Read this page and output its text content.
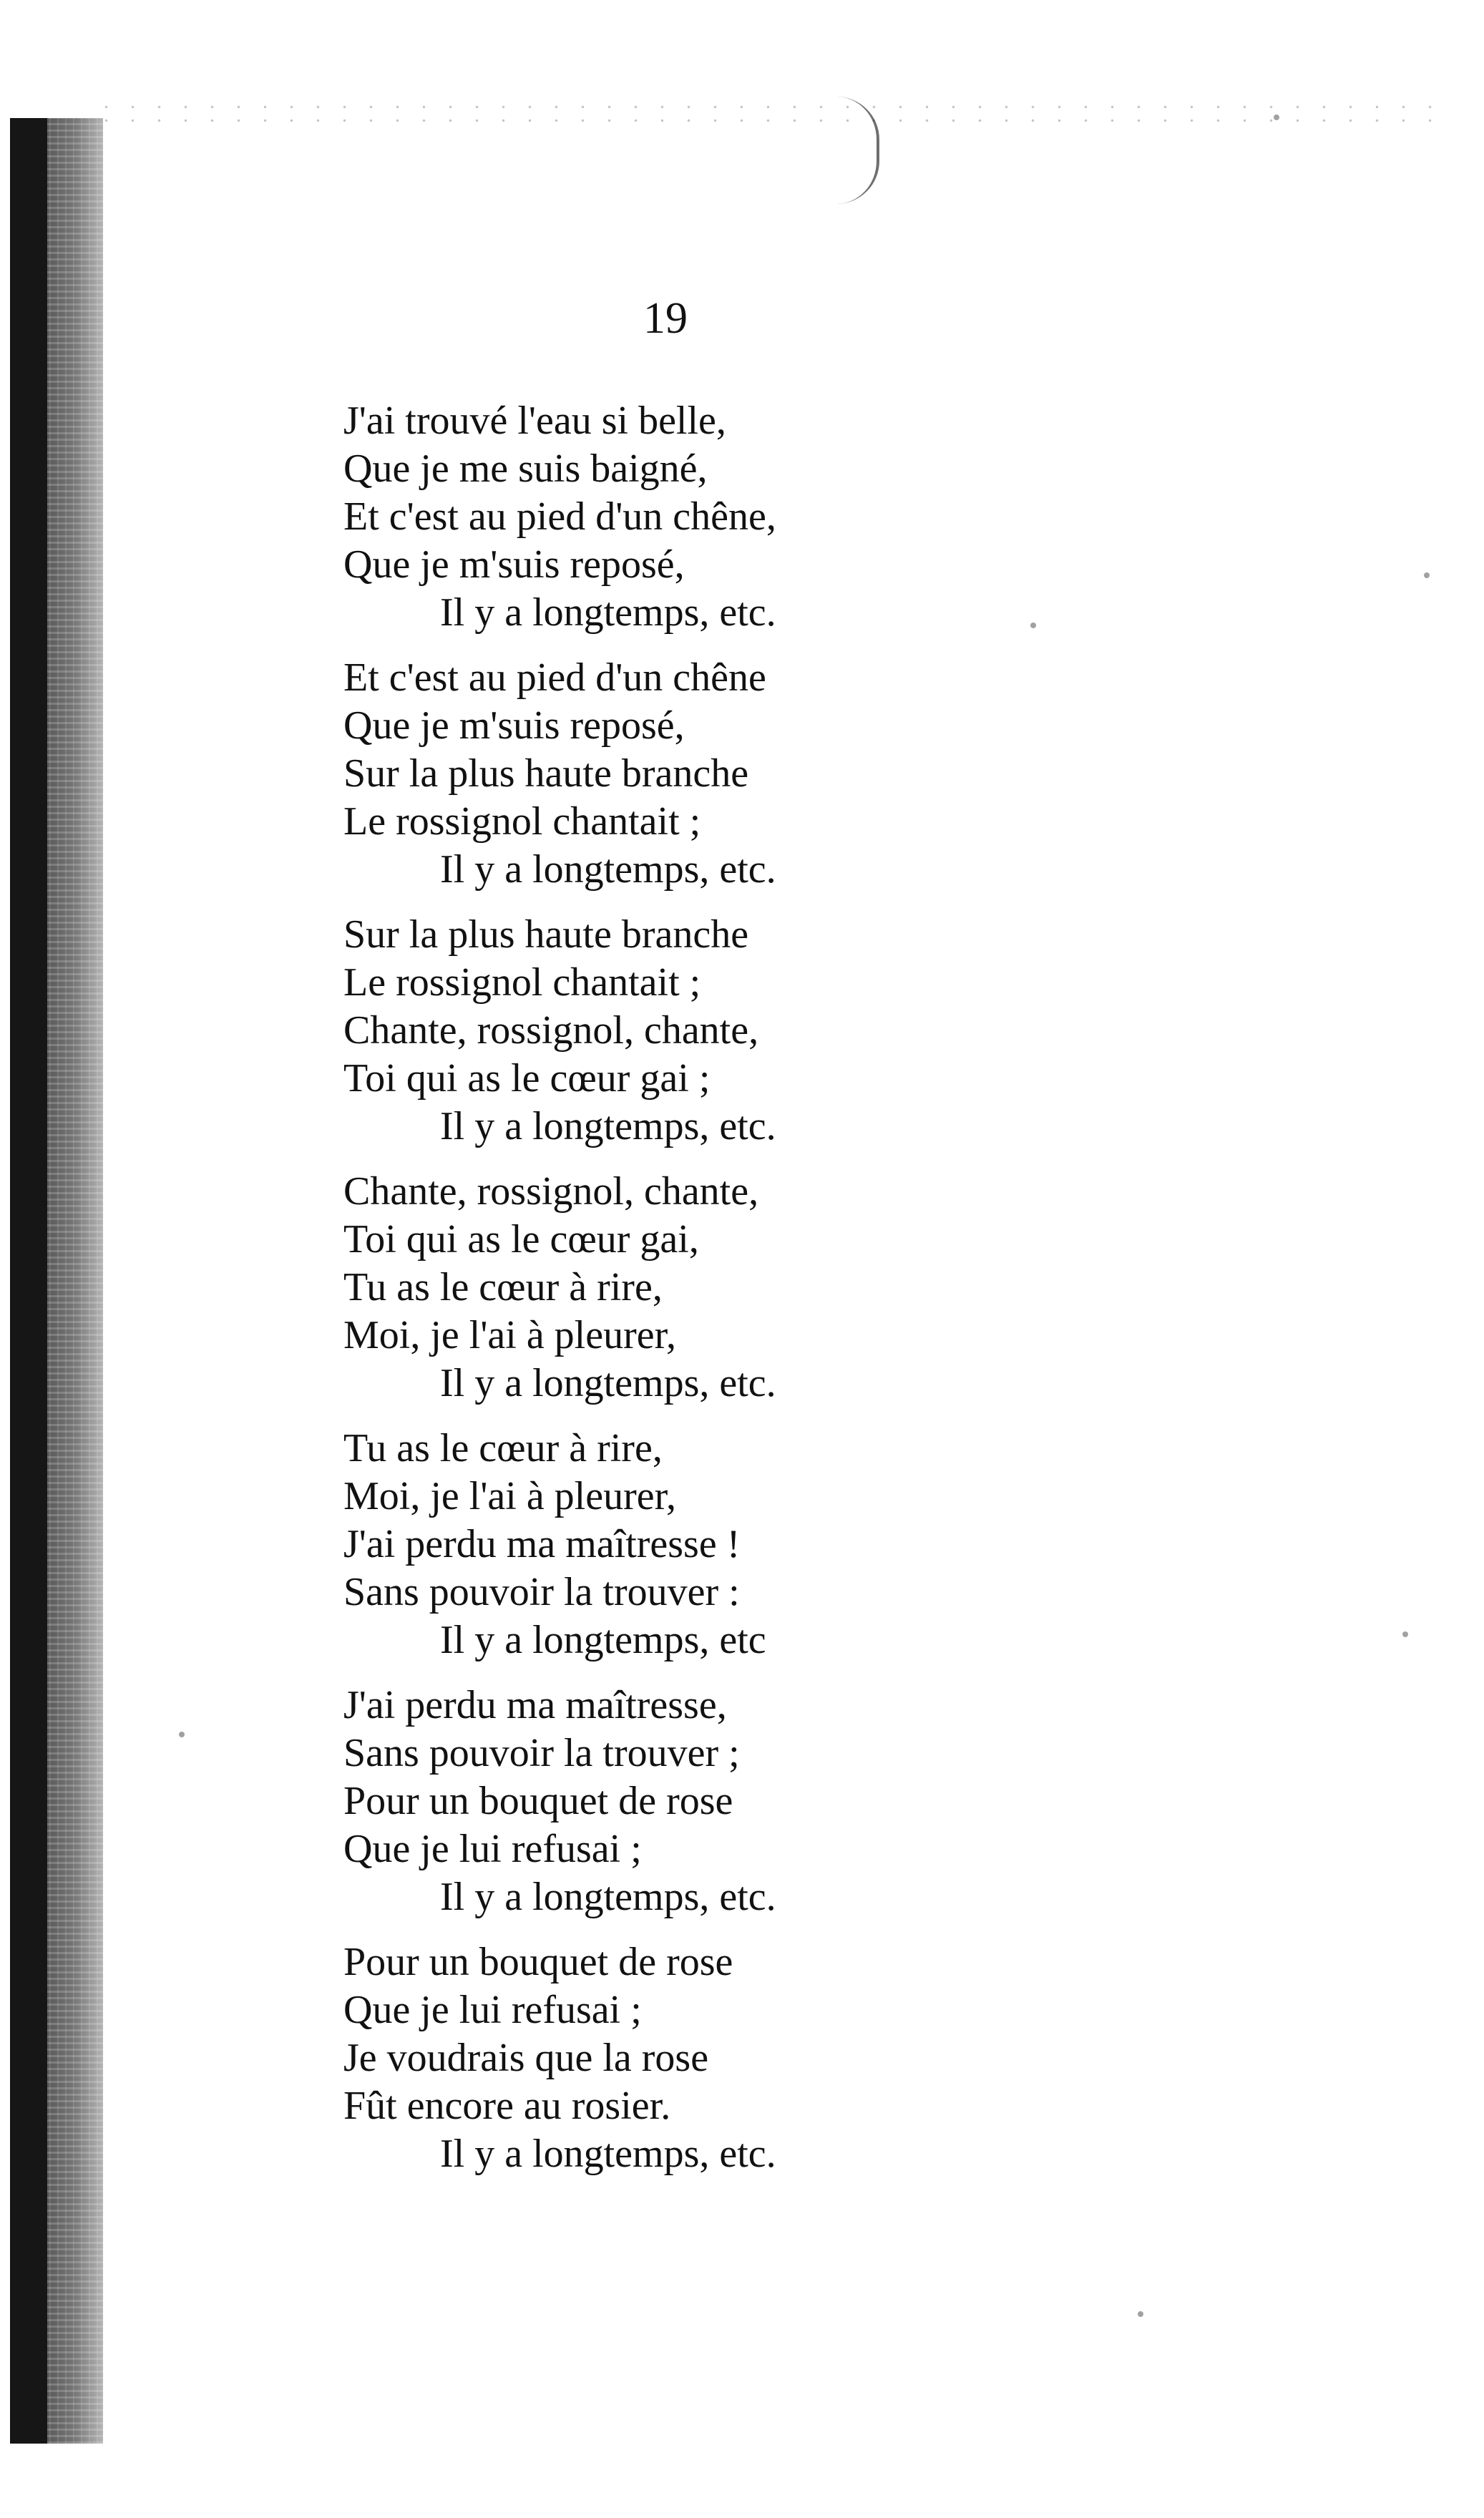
19
J'ai trouvé l'eau si belle,
Que je me suis baigné,
Et c'est au pied d'un chêne,
Que je m'suis reposé,
Il y a longtemps, etc.
Et c'est au pied d'un chêne
Que je m'suis reposé,
Sur la plus haute branche
Le rossignol chantait ;
Il y a longtemps, etc.
Sur la plus haute branche
Le rossignol chantait ;
Chante, rossignol, chante,
Toi qui as le cœur gai ;
Il y a longtemps, etc.
Chante, rossignol, chante,
Toi qui as le cœur gai,
Tu as le cœur à rire,
Moi, je l'ai à pleurer,
Il y a longtemps, etc.
Tu as le cœur à rire,
Moi, je l'ai à pleurer,
J'ai perdu ma maîtresse !
Sans pouvoir la trouver :
Il y a longtemps, etc
J'ai perdu ma maîtresse,
Sans pouvoir la trouver ;
Pour un bouquet de rose
Que je lui refusai ;
Il y a longtemps, etc.
Pour un bouquet de rose
Que je lui refusai ;
Je voudrais que la rose
Fût encore au rosier.
Il y a longtemps, etc.
